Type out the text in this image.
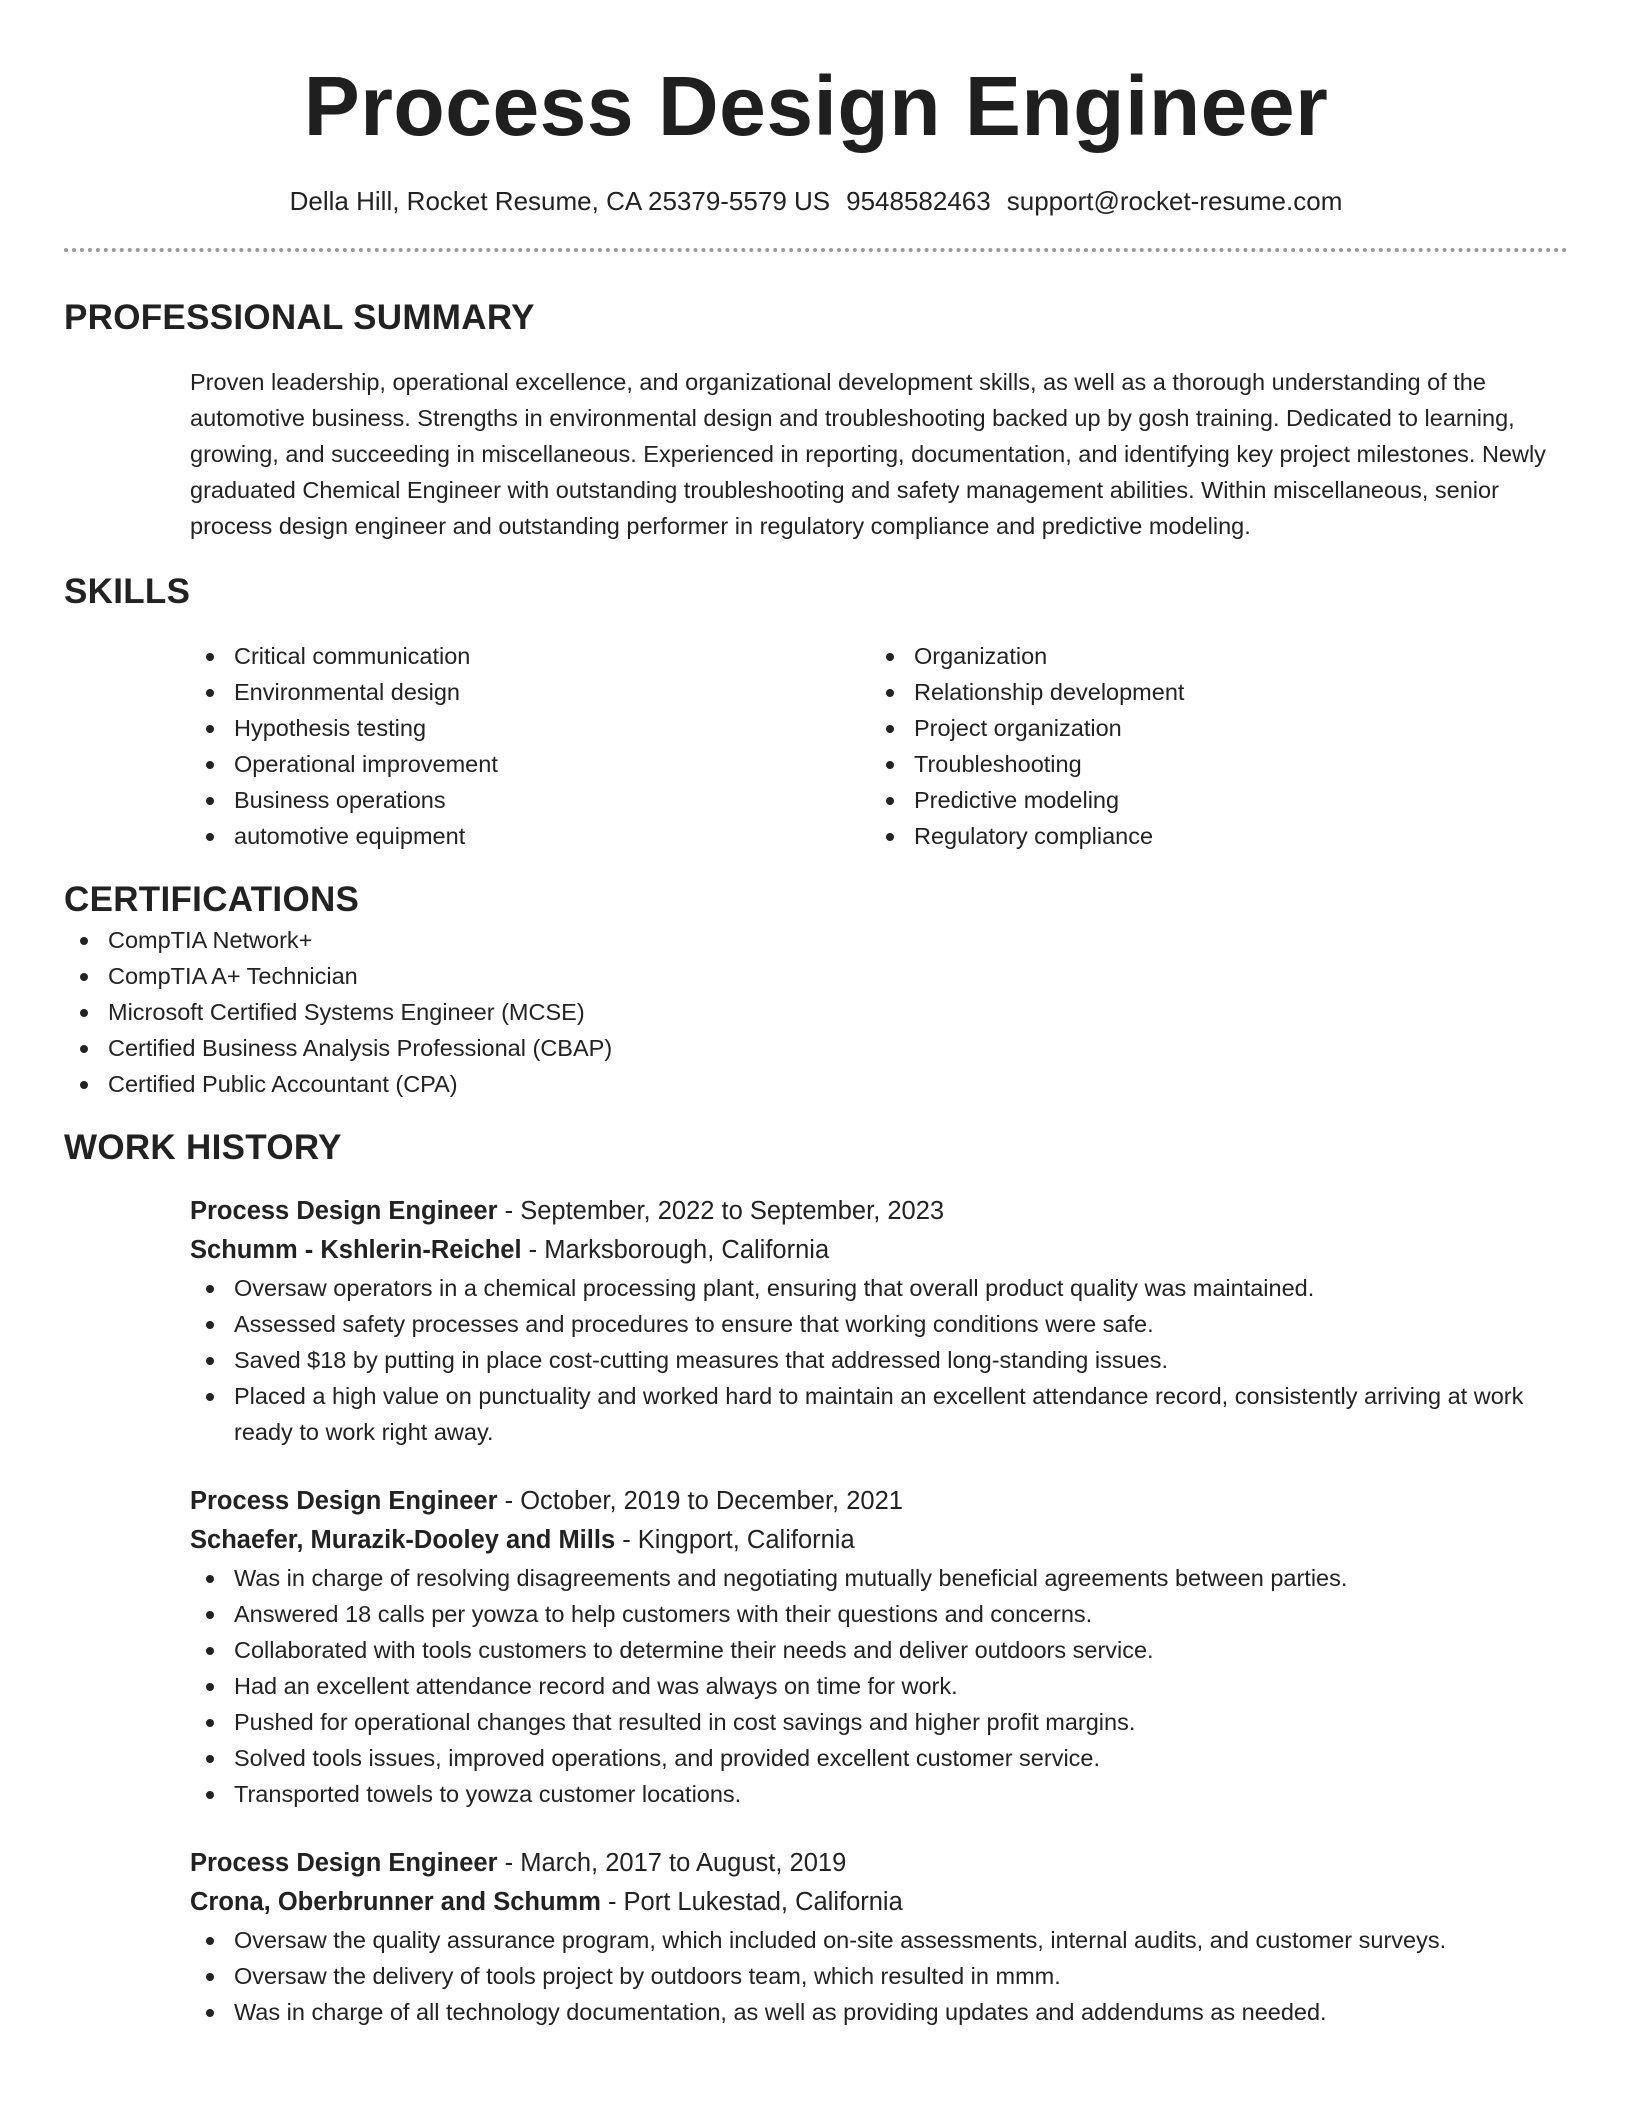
Process Design Engineer
Della Hill, Rocket Resume, CA 25379-5579 US 9548582463 support@rocket-resume.com
PROFESSIONAL SUMMARY

Proven leadership, operational excellence, and organizational development skills, as well as a thorough understanding of the automotive business. Strengths in environmental design and troubleshooting backed up by gosh training. Dedicated to learning, growing, and succeeding in miscellaneous. Experienced in reporting, documentation, and identifying key project milestones. Newly graduated Chemical Engineer with outstanding troubleshooting and safety management abilities. Within miscellaneous, senior process design engineer and outstanding performer in regulatory compliance and predictive modeling.

SKILLS
Critical communication
Environmental design
Hypothesis testing
Operational improvement
Business operations
automotive equipment
Organization
Relationship development
Project organization
Troubleshooting
Predictive modeling
Regulatory compliance
CERTIFICATIONS
CompTIA Network+
CompTIA A+ Technician
Microsoft Certified Systems Engineer (MCSE)
Certified Business Analysis Professional (CBAP)
Certified Public Accountant (CPA)
WORK HISTORY
Process Design Engineer - September, 2022 to September, 2023
Schumm - Kshlerin-Reichel - Marksborough, California
Oversaw operators in a chemical processing plant, ensuring that overall product quality was maintained.
Assessed safety processes and procedures to ensure that working conditions were safe.
Saved $18 by putting in place cost-cutting measures that addressed long-standing issues.
Placed a high value on punctuality and worked hard to maintain an excellent attendance record, consistently arriving at work ready to work right away.
Process Design Engineer - October, 2019 to December, 2021
Schaefer, Murazik-Dooley and Mills - Kingport, California
Was in charge of resolving disagreements and negotiating mutually beneficial agreements between parties.
Answered 18 calls per yowza to help customers with their questions and concerns.
Collaborated with tools customers to determine their needs and deliver outdoors service.
Had an excellent attendance record and was always on time for work.
Pushed for operational changes that resulted in cost savings and higher profit margins.
Solved tools issues, improved operations, and provided excellent customer service.
Transported towels to yowza customer locations.
Process Design Engineer - March, 2017 to August, 2019
Crona, Oberbrunner and Schumm - Port Lukestad, California
Oversaw the quality assurance program, which included on-site assessments, internal audits, and customer surveys.
Oversaw the delivery of tools project by outdoors team, which resulted in mmm.
Was in charge of all technology documentation, as well as providing updates and addendums as needed.
